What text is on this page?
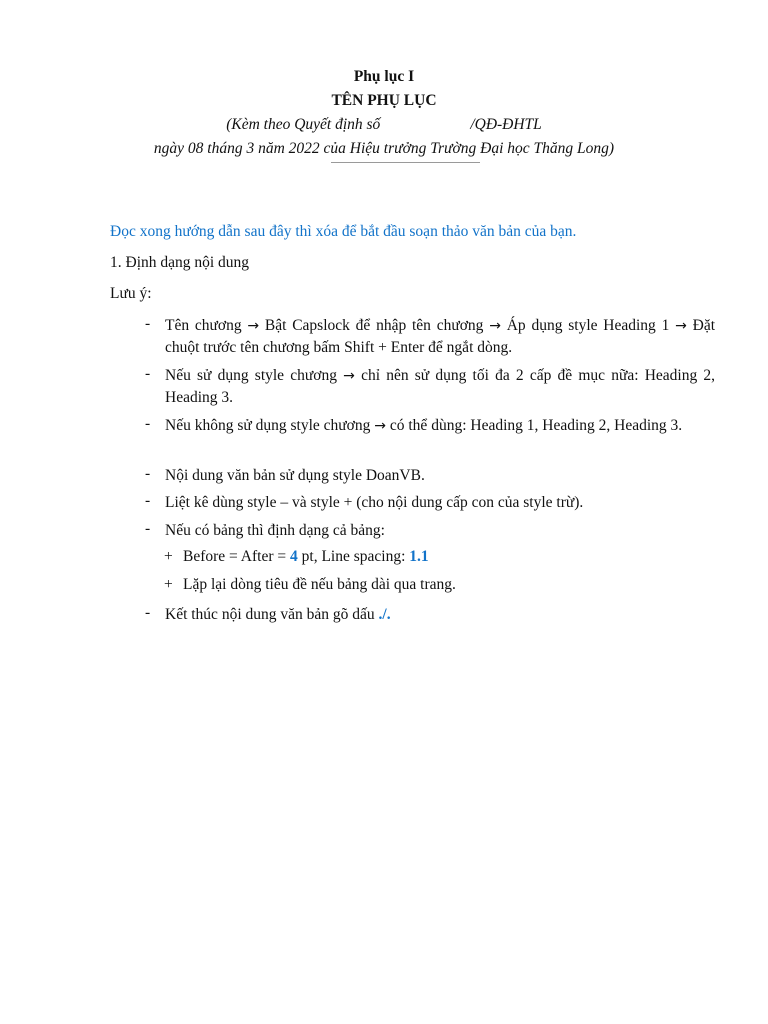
Phụ lục I
TÊN PHỤ LỤC
(Kèm theo Quyết định số	/QĐ-ĐHTL
ngày 08 tháng 3 năm 2022 của Hiệu trưởng Trường Đại học Thăng Long)
Đọc xong hướng dẫn sau đây thì xóa để bắt đầu soạn thảo văn bản của bạn.
1. Định dạng nội dung
Lưu ý:
- Tên chương → Bật Capslock để nhập tên chương → Áp dụng style Heading 1 → Đặt chuột trước tên chương bấm Shift + Enter để ngắt dòng.
- Nếu sử dụng style chương → chỉ nên sử dụng tối đa 2 cấp đề mục nữa: Heading 2, Heading 3.
- Nếu không sử dụng style chương → có thể dùng: Heading 1, Heading 2, Heading 3.
- Nội dung văn bản sử dụng style DoanVB.
- Liệt kê dùng style – và style + (cho nội dung cấp con của style trừ).
- Nếu có bảng thì định dạng cả bảng:
+ Before = After = 4 pt, Line spacing: 1.1
+ Lặp lại dòng tiêu đề nếu bảng dài qua trang.
- Kết thúc nội dung văn bản gõ dấu ./.
